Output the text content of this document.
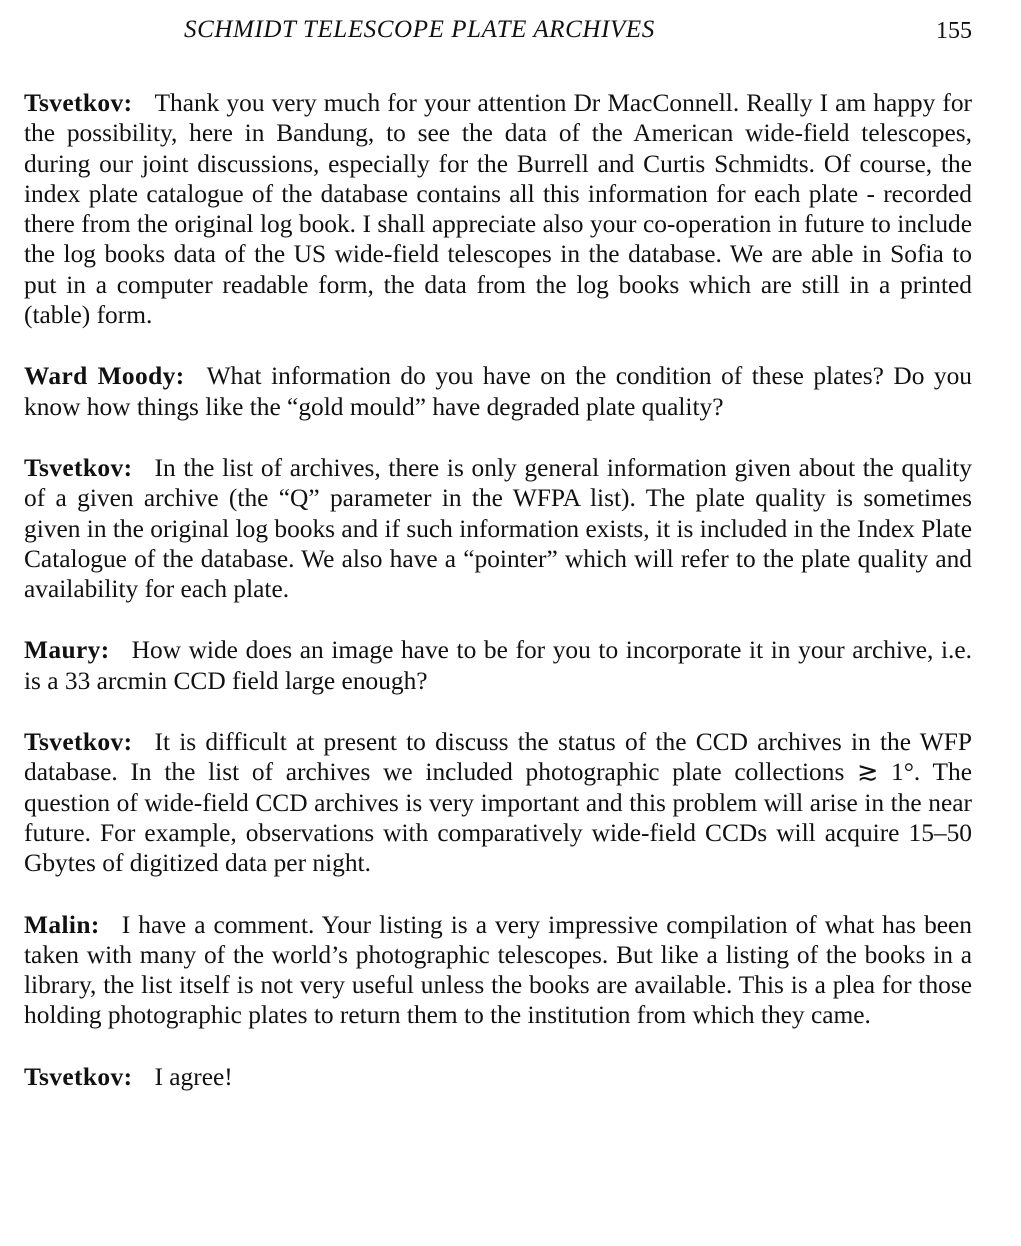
SCHMIDT TELESCOPE PLATE ARCHIVES	155

Tsvetkov: Thank you very much for your attention Dr MacConnell. Really I am happy for the possibility, here in Bandung, to see the data of the American wide-field telescopes, during our joint discussions, especially for the Burrell and Curtis Schmidts. Of course, the index plate catalogue of the database contains all this information for each plate - recorded there from the original log book. I shall appreciate also your co-operation in future to include the log books data of the US wide-field telescopes in the database. We are able in Sofia to put in a computer readable form, the data from the log books which are still in a printed (table) form.

Ward Moody: What information do you have on the condition of these plates? Do you know how things like the “gold mould” have degraded plate quality?

Tsvetkov: In the list of archives, there is only general information given about the quality of a given archive (the “Q” parameter in the WFPA list). The plate quality is sometimes given in the original log books and if such information exists, it is included in the Index Plate Catalogue of the database. We also have a “pointer” which will refer to the plate quality and availability for each plate.

Maury: How wide does an image have to be for you to incorporate it in your archive, i.e. is a 33 arcmin CCD field large enough?

Tsvetkov: It is difficult at present to discuss the status of the CCD archives in the WFP database. In the list of archives we included photographic plate collections ≳ 1°. The question of wide-field CCD archives is very important and this problem will arise in the near future. For example, observations with comparatively wide-field CCDs will acquire 15–50 Gbytes of digitized data per night.

Malin: I have a comment. Your listing is a very impressive compilation of what has been taken with many of the world’s photographic telescopes. But like a listing of the books in a library, the list itself is not very useful unless the books are available. This is a plea for those holding photographic plates to return them to the institution from which they came.

Tsvetkov: I agree!
